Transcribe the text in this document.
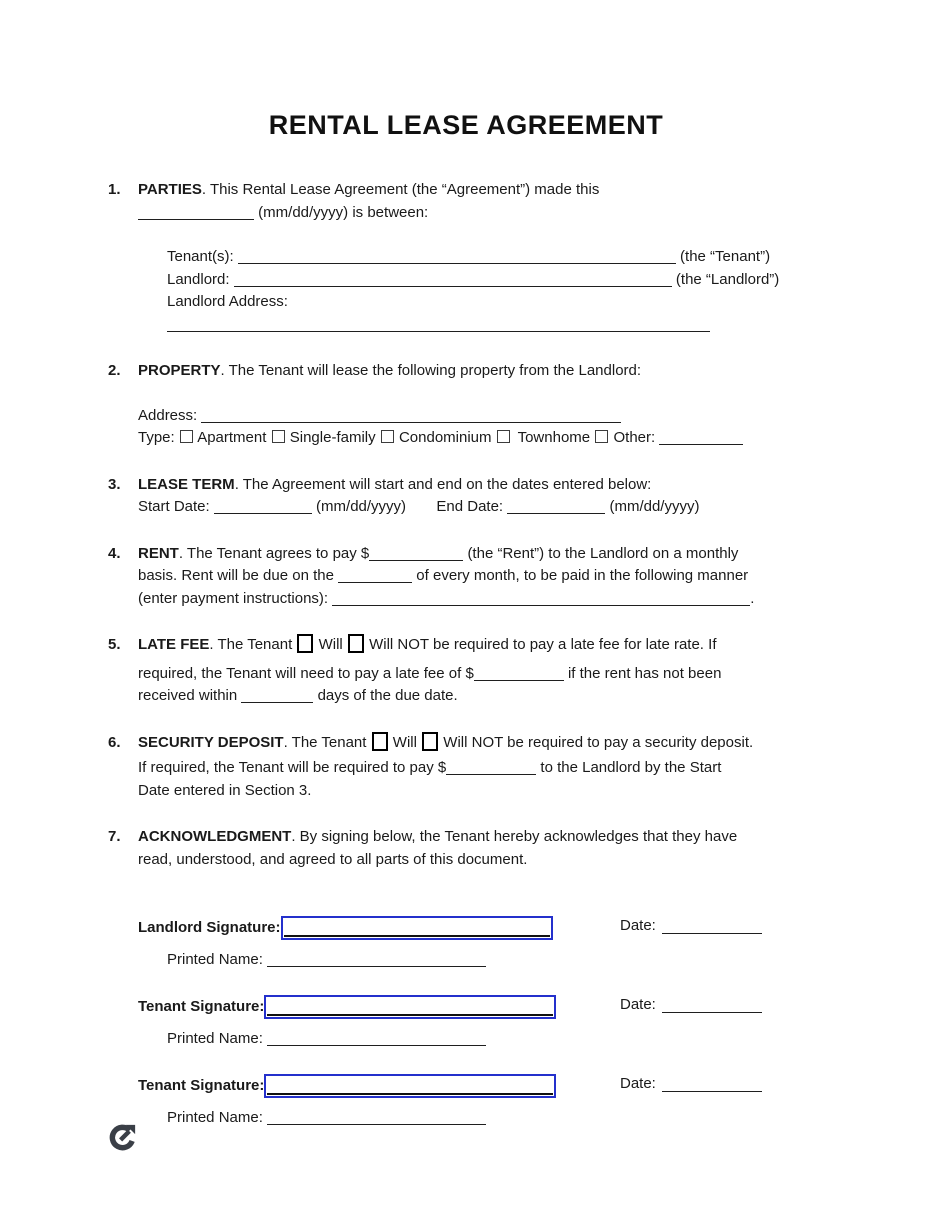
RENTAL LEASE AGREEMENT
1.	PARTIES. This Rental Lease Agreement (the “Agreement”) made this
(mm/dd/yyyy) is between:
Tenant(s):	(the “Tenant”)
Landlord:	(the “Landlord”)
Landlord Address:
2.	PROPERTY. The Tenant will lease the following property from the Landlord:
Address:
Type: Apartment Single-family Condominium Townhome Other:
3.	LEASE TERM. The Agreement will start and end on the dates entered below:
Start Date:	(mm/dd/yyyy) End Date:	(mm/dd/yyyy)
4.	RENT. The Tenant agrees to pay $	(the “Rent”) to the Landlord on a monthly
basis. Rent will be due on the	of every month, to be paid in the following manner
(enter payment instructions):	.
5.	LATE FEE. The Tenant Will Will NOT be required to pay a late fee for late rate. If
required, the Tenant will need to pay a late fee of $	if the rent has not been
received within	days of the due date.
6.	SECURITY DEPOSIT. The Tenant Will Will NOT be required to pay a security deposit.
If required, the Tenant will be required to pay $	to the Landlord by the Start
Date entered in Section 3.
7.	ACKNOWLEDGMENT. By signing below, the Tenant hereby acknowledges that they have
read, understood, and agreed to all parts of this document.
Landlord Signature:	Date:
Printed Name:
Tenant Signature:	Date:
Printed Name:
Tenant Signature:	Date:
Printed Name:
